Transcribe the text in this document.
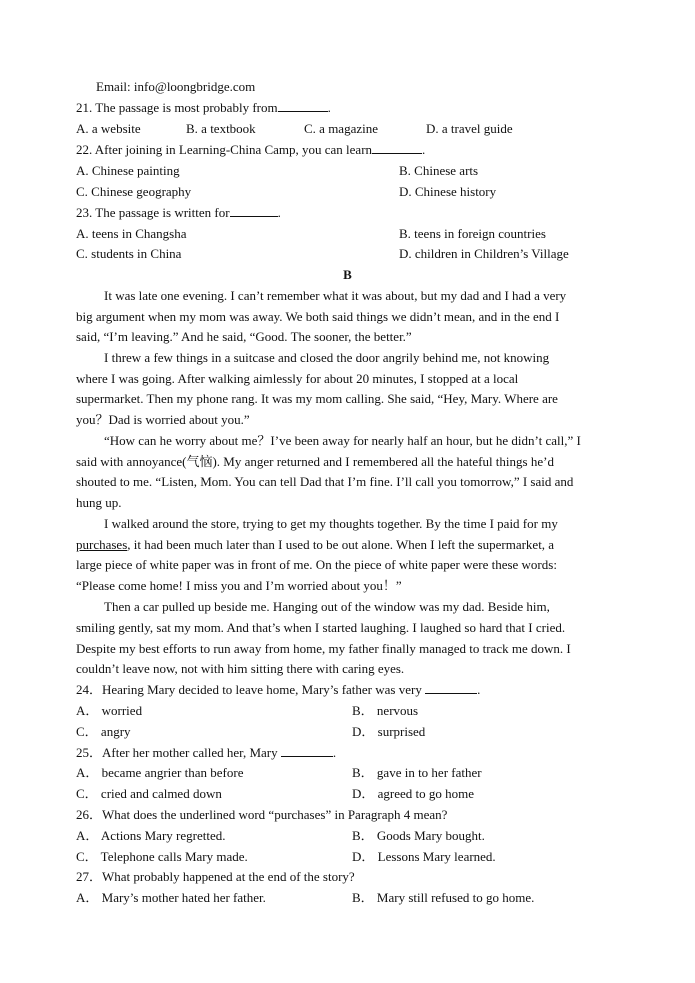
Email: info@loongbridge.com
21. The passage is most probably from	.
A. a website	B. a textbook	C. a magazine	D. a travel guide
22. After joining in Learning-China Camp, you can learn	.
A. Chinese painting	B. Chinese arts
C. Chinese geography	D. Chinese history
23. The passage is written for	.
A. teens in Changsha	B. teens in foreign countries
C. students in China	D. children in Children’s Village
B
It was late one evening. I can’t remember what it was about, but my dad and I had a very
big argument when my mom was away. We both said things we didn’t mean, and in the end I
said, “I’m leaving.” And he said, “Good. The sooner, the better.”
I threw a few things in a suitcase and closed the door angrily behind me, not knowing
where I was going. After walking aimlessly for about 20 minutes, I stopped at a local
supermarket. Then my phone rang. It was my mom calling. She said, “Hey, Mary. Where are
you？Dad is worried about you.”
“How can he worry about me？I’ve been away for nearly half an hour, but he didn’t call,” I
said with annoyance(气恼). My anger returned and I remembered all the hateful things he’d
shouted to me. “Listen, Mom. You can tell Dad that I’m fine. I’ll call you tomorrow,” I said and
hung up.
I walked around the store, trying to get my thoughts together. By the time I paid for my
purchases, it had been much later than I used to be out alone. When I left the supermarket, a
large piece of white paper was in front of me. On the piece of white paper were these words:
“Please come home! I miss you and I’m worried about you！”
Then a car pulled up beside me. Hanging out of the window was my dad. Beside him,
smiling gently, sat my mom. And that’s when I started laughing. I laughed so hard that I cried.
Despite my best efforts to run away from home, my father finally managed to track me down. I
couldn’t leave now, not with him sitting there with caring eyes.
24．Hearing Mary decided to leave home, Mary’s father was very	.
A． worried	B． nervous
C． angry	D． surprised
25．After her mother called her, Mary	.
A． became angrier than before	B． gave in to her father
C． cried and calmed down	D． agreed to go home
26．What does the underlined word “purchases” in Paragraph 4 mean?
A． Actions Mary regretted.	B． Goods Mary bought.
C． Telephone calls Mary made.	D． Lessons Mary learned.
27．What probably happened at the end of the story?
A． Mary’s mother hated her father.	B． Mary still refused to go home.
